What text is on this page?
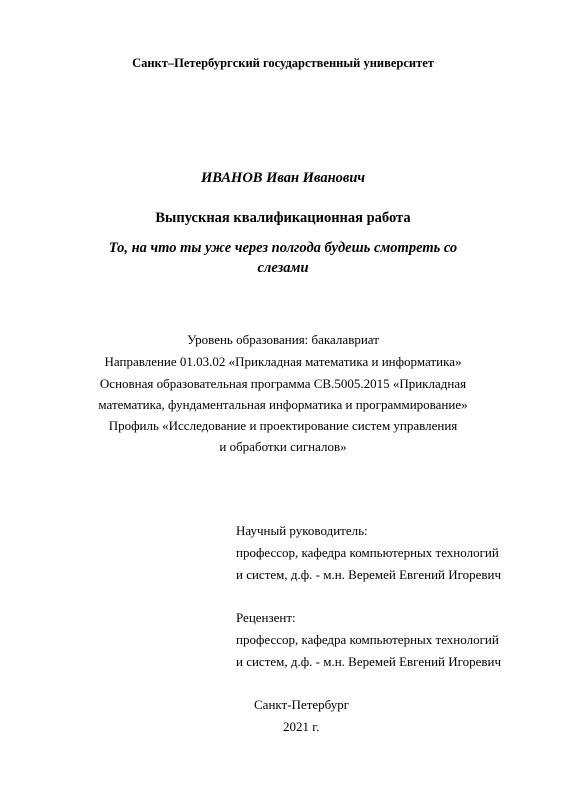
Санкт–Петербургский государственный университет
ИВАНОВ Иван Иванович
Выпускная квалификационная работа
То, на что ты уже через полгода будешь смотреть со
слезами
Уровень образования: бакалавриат
Направление 01.03.02 «Прикладная математика и информатика»
Основная образовательная программа СВ.5005.2015 «Прикладная
математика, фундаментальная информатика и программирование»
Профиль «Исследование и проектирование систем управления
и обработки сигналов»
Научный руководитель:
профессор, кафедра компьютерных технологий
и систем, д.ф. - м.н. Веремей Евгений Игоревич
Рецензент:
профессор, кафедра компьютерных технологий
и систем, д.ф. - м.н. Веремей Евгений Игоревич
Санкт-Петербург
2021 г.
